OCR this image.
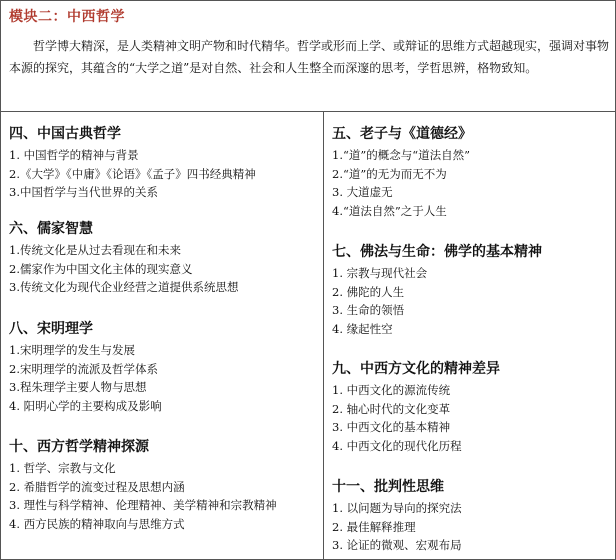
模块二：中西哲学

哲学博大精深，是人类精神文明产物和时代精华。哲学或形而上学、或辩证的思维方式超越现实，强调对事物本源的探究，其蕴含的“大学之道”是对自然、社会和人生整全而深邃的思考，学哲思辨，格物致知。

四、中国古典哲学
1. 中国哲学的精神与背景
2.《大学》《中庸》《论语》《孟子》四书经典精神
3.中国哲学与当代世界的关系
六、儒家智慧
1.传统文化是从过去看现在和未来
2.儒家作为中国文化主体的现实意义
3.传统文化为现代企业经营之道提供系统思想
八、宋明理学
1.宋明理学的发生与发展
2.宋明理学的流派及哲学体系
3.程朱理学主要人物与思想
4. 阳明心学的主要构成及影响
十、西方哲学精神探源
1. 哲学、宗教与文化
2. 希腊哲学的流变过程及思想内涵
3. 理性与科学精神、伦理精神、美学精神和宗教精神
4. 西方民族的精神取向与思维方式
五、老子与《道德经》
1.“道”的概念与“道法自然”
2.“道”的无为而无不为
3. 大道虚无
4.“道法自然”之于人生
七、佛法与生命：佛学的基本精神
1. 宗教与现代社会
2. 佛陀的人生
3. 生命的领悟
4. 缘起性空
九、中西方文化的精神差异
1. 中西文化的源流传统
2. 轴心时代的文化变革
3. 中西文化的基本精神
4. 中西文化的现代化历程
十一、批判性思维
1. 以问题为导向的探究法
2. 最佳解释推理
3. 论证的微观、宏观布局
